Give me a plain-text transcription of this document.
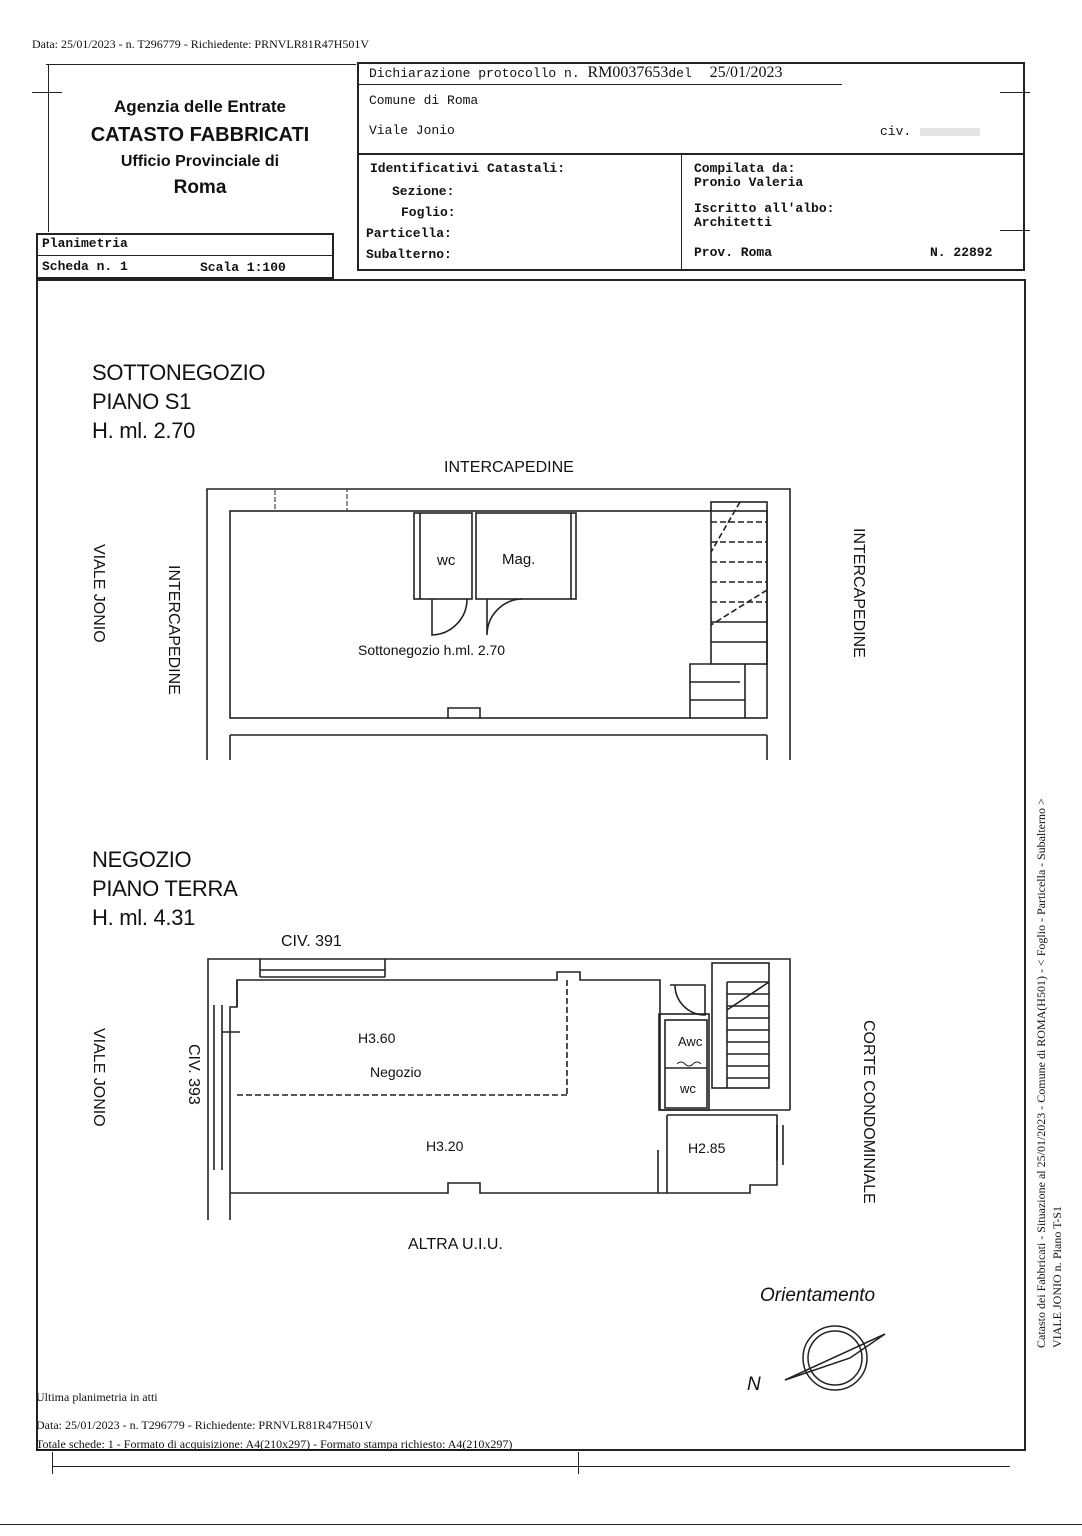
Data: 25/01/2023 - n. T296779 - Richiedente: PRNVLR81R47H501V
Agenzia delle Entrate
CATASTO FABBRICATI
Ufficio Provinciale di
Roma
Dichiarazione protocollo n. RM0037653del 25/01/2023
Comune di Roma
Viale Jonio	civ.
Identificativi Catastali:
Sezione:
Foglio:
Particella:
Subalterno:
Compilata da:
Pronio Valeria
Iscritto all'albo:
Architetti
Prov. Roma	N. 22892
Planimetria
Scheda n. 1	Scala 1:100
SOTTONEGOZIO
PIANO S1
H. ml. 2.70
INTERCAPEDINE
VIALE JONIO	INTERCAPEDINE	INTERCAPEDINE
wc	Mag.
Sottonegozio h.ml. 2.70
NEGOZIO
PIANO TERRA
H. ml. 4.31
CIV. 391
CIV. 393
VIALE JONIO	CORTE CONDOMINIALE
ALTRA U.I.U.
H3.60
Negozio
H3.20	H2.85
Awc
wc
Orientamento
N
Catasto dei Fabbricati - Situazione al 25/01/2023 - Comune di ROMA(H501) - < Foglio - Particella - Subalterno >
VIALE JONIO n. Piano T-S1
Ultima planimetria in atti
Data: 25/01/2023 - n. T296779 - Richiedente: PRNVLR81R47H501V
Totale schede: 1 - Formato di acquisizione: A4(210x297) - Formato stampa richiesto: A4(210x297)
